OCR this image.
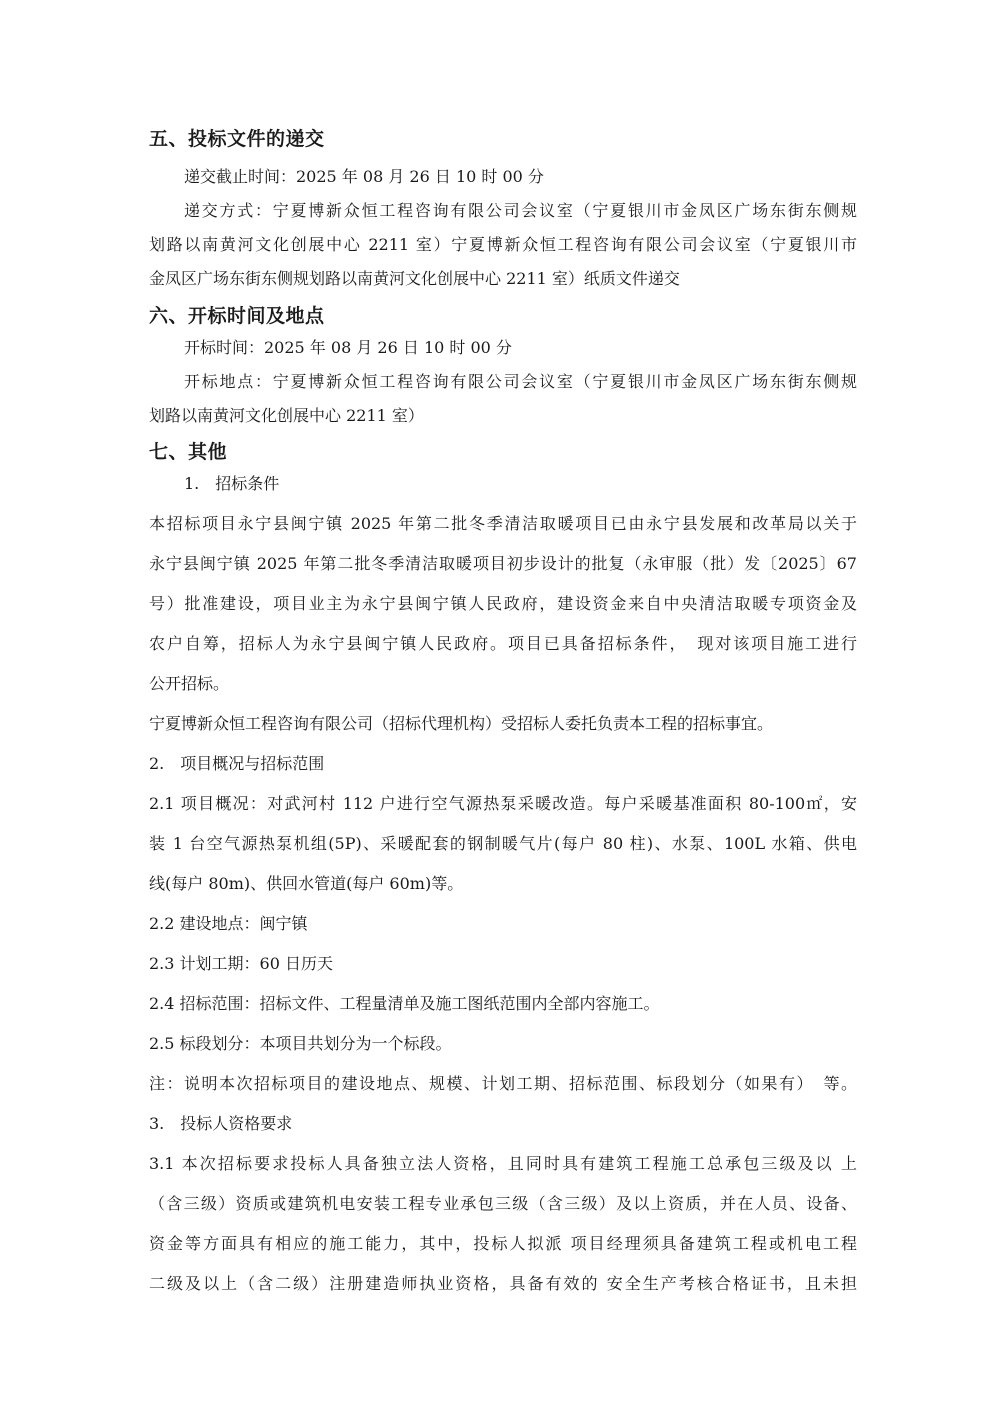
五、投标文件的递交
递交截止时间：2025 年 08 月 26 日 10 时 00 分
递交方式：宁夏博新众恒工程咨询有限公司会议室（宁夏银川市金凤区广场东街东侧规
划路以南黄河文化创展中心 2211 室）宁夏博新众恒工程咨询有限公司会议室（宁夏银川市
金凤区广场东街东侧规划路以南黄河文化创展中心 2211 室）纸质文件递交
六、开标时间及地点
开标时间：2025 年 08 月 26 日 10 时 00 分
开标地点：宁夏博新众恒工程咨询有限公司会议室（宁夏银川市金凤区广场东街东侧规
划路以南黄河文化创展中心 2211 室）
七、其他
1.　招标条件
本招标项目永宁县闽宁镇 2025 年第二批冬季清洁取暖项目已由永宁县发展和改革局以关于
永宁县闽宁镇 2025 年第二批冬季清洁取暖项目初步设计的批复（永审服（批）发〔2025〕67
号）批准建设，项目业主为永宁县闽宁镇人民政府，建设资金来自中央清洁取暖专项资金及
农户自筹，招标人为永宁县闽宁镇人民政府。项目已具备招标条件，　现对该项目施工进行
公开招标。
宁夏博新众恒工程咨询有限公司（招标代理机构）受招标人委托负责本工程的招标事宜。
2.　项目概况与招标范围
2.1 项目概况：对武河村 112 户进行空气源热泵采暖改造。每户采暖基准面积 80-100㎡，安
装 1 台空气源热泵机组(5P)、采暖配套的钢制暖气片(每户 80 柱)、水泵、100L 水箱、供电
线(每户 80m)、供回水管道(每户 60m)等。
2.2 建设地点：闽宁镇
2.3 计划工期：60 日历天
2.4 招标范围：招标文件、工程量清单及施工图纸范围内全部内容施工。
2.5 标段划分：本项目共划分为一个标段。
注：说明本次招标项目的建设地点、规模、计划工期、招标范围、标段划分（如果有）　等。
3.　投标人资格要求
3.1 本次招标要求投标人具备独立法人资格，且同时具有建筑工程施工总承包三级及以 上
（含三级）资质或建筑机电安装工程专业承包三级（含三级）及以上资质，并在人员、设备、
资金等方面具有相应的施工能力，其中，投标人拟派 项目经理须具备建筑工程或机电工程
二级及以上（含二级）注册建造师执业资格，具备有效的 安全生产考核合格证书，且未担
